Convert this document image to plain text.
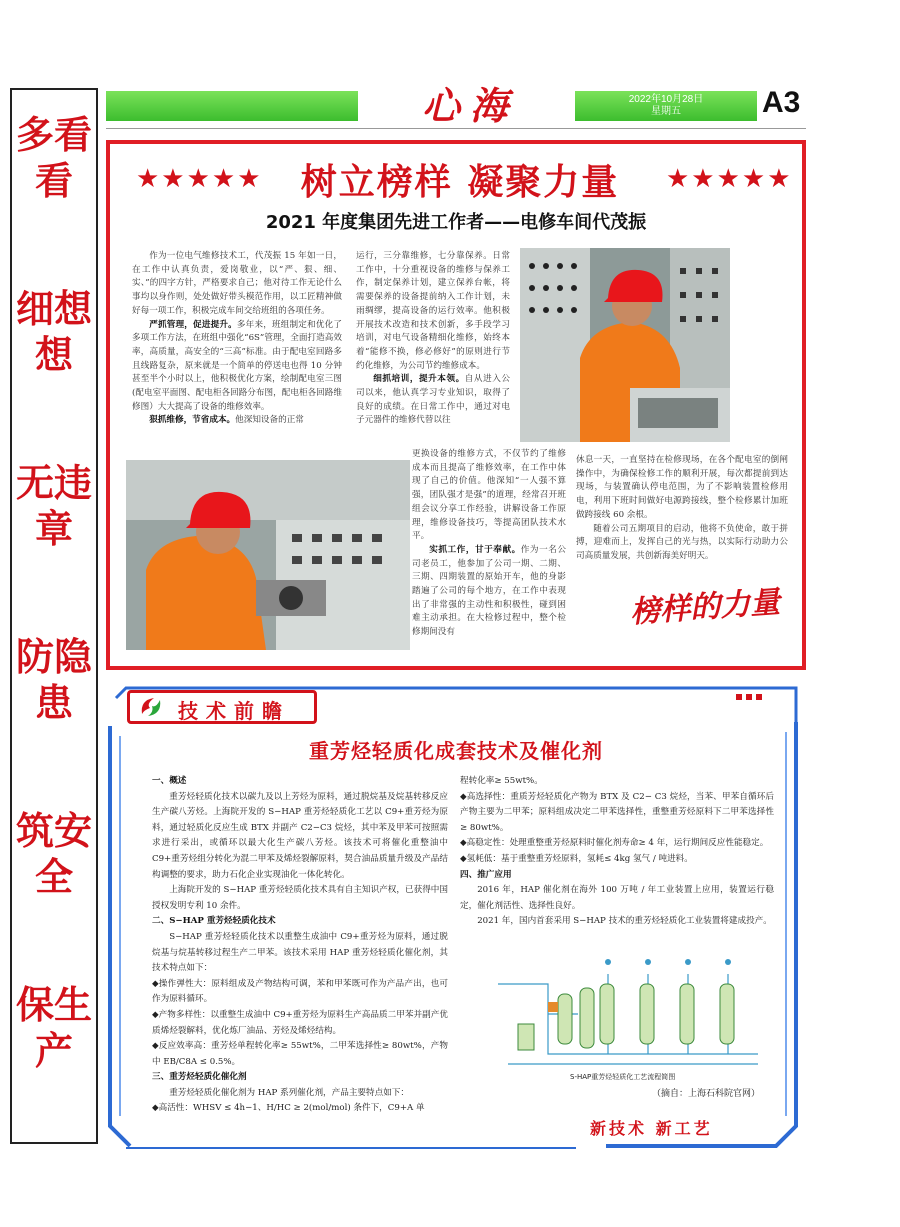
多看看
细想想
无违章
防隐患
筑安全
保生产
心海	2022年10月28日
星期五	A3
★★★★★	树立榜样 凝聚力量	★★★★★
2021 年度集团先进工作者——电修车间代茂振

作为一位电气维修技术工，代茂振 15 年如一日，在工作中认真负责，爱岗敬业，以“严、狠、细、实、”的四字方针，严格要求自己；他对待工作无论什么事均以身作则，处处做好带头模范作用，以工匠精神做好每一项工作，积极完成车间交给班组的各项任务。

严抓管理，促进提升。多年来，班组制定和优化了多项工作方法，在班组中强化“6S”管理，全面打造高效率，高质量，高安全的“三高”标准。由于配电室回路多且线路复杂，原来就是一个简单的停送电也得 10 分钟甚至半个小时以上，他积极优化方案，绘制配电室三图(配电室平面图、配电柜各回路分布图，配电柜各回路维修图）大大提高了设备的维修效率。

狠抓维修，节省成本。他深知设备的正常

运行，三分靠维修，七分靠保养。日常工作中，十分重视设备的维修与保养工作，制定保养计划，建立保养台帐，将需要保养的设备提前纳入工作计划，未雨绸缪，提高设备的运行效率。他积极开展技术改造和技术创新，多手段学习培训，对电气设备精细化维修，始终本着“能修不换，修必修好”的原则进行节约化维修，为公司节约维修成本。

细抓培训，提升本领。自从进入公司以来，他认真学习专业知识，取得了良好的成绩。在日常工作中，通过对电子元器件的维修代替以往

更换设备的维修方式，不仅节约了维修成本而且提高了维修效率，在工作中体现了自己的价值。他深知“一人强不算强，团队强才是强”的道理，经常召开班组会议分享工作经验，讲解设备工作原理，维修设备技巧，等提高团队技术水平。

实抓工作，甘于奉献。作为一名公司老员工，他参加了公司一期、二期、三期、四期装置的原始开车，他的身影踏遍了公司的每个地方，在工作中表现出了非常强的主动性和积极性，碰到困难主动承担。在大检修过程中，整个检修期间没有

休息一天，一直坚持在检修现场，在各个配电室的倒闸操作中，为确保检修工作的顺利开展，每次都提前到达现场，与装置确认停电范围，为了不影响装置检修用电，利用下班时间做好电源跨接线，整个检修累计加班做跨接线 60 余根。

随着公司五期项目的启动，他将不负使命，敢于拼搏，迎难而上，发挥自己的光与热，以实际行动助力公司高质量发展，共创新海美好明天。

榜样的力量
技术前瞻
重芳烃轻质化成套技术及催化剂

一、概述

重芳烃轻质化技术以碳九及以上芳烃为原料，通过脱烷基及烷基转移反应生产碳八芳烃。上海院开发的 S−HAP 重芳烃轻质化工艺以 C9+重芳烃为原料，通过轻质化反应生成 BTX 并副产 C2−C3 烷烃，其中苯及甲苯可按照需求进行采出，或循环以最大化生产碳八芳烃。该技术可将催化重整油中 C9+重芳烃组分转化为混二甲苯及烯烃裂解原料，契合油品质量升级及产品结构调整的要求，助力石化企业实现油化一体化转化。

上海院开发的 S−HAP 重芳烃轻质化技术具有自主知识产权，已获得中国授权发明专利 10 余件。

二、S−HAP 重芳烃轻质化技术

S−HAP 重芳烃轻质化技术以重整生成油中 C9+重芳烃为原料，通过脱烷基与烷基转移过程生产二甲苯。该技术采用 HAP 重芳烃轻质化催化剂，其技术特点如下：

◆操作弹性大：原料组成及产物结构可调，苯和甲苯既可作为产品产出，也可作为原料循环。

◆产物多样性：以重整生成油中 C9+重芳烃为原料生产高品质二甲苯并副产优质烯烃裂解料，优化炼厂油品、芳烃及烯烃结构。

◆反应效率高：重芳烃单程转化率≥ 55wt%，二甲苯选择性≥ 80wt%，产物中 EB/C8A ≤ 0.5%。

三、重芳烃轻质化催化剂

重芳烃轻质化催化剂为 HAP 系列催化剂，产品主要特点如下：

◆高活性：WHSV ≤ 4h−1、H/HC ≥ 2(mol/mol) 条件下，C9+A 单

程转化率≥ 55wt%。

◆高选择性：重质芳烃轻质化产物为 BTX 及 C2− C3 烷烃，当苯、甲苯自循环后产物主要为二甲苯；原料组成决定二甲苯选择性，重整重芳烃原料下二甲苯选择性≥ 80wt%。

◆高稳定性：处理重整重芳烃原料时催化剂寿命≥ 4 年，运行期间反应性能稳定。

◆氢耗低：基于重整重芳烃原料，氢耗≤ 4kg 氢气 / 吨进料。

四、推广应用

2016 年，HAP 催化剂在海外 100 万吨 / 年工业装置上应用，装置运行稳定，催化剂活性、选择性良好。

2021 年，国内首套采用 S−HAP 技术的重芳烃轻质化工业装置将建成投产。

S-HAP重芳烃轻质化工艺流程简图
（摘自：上海石科院官网）
新技术 新工艺
